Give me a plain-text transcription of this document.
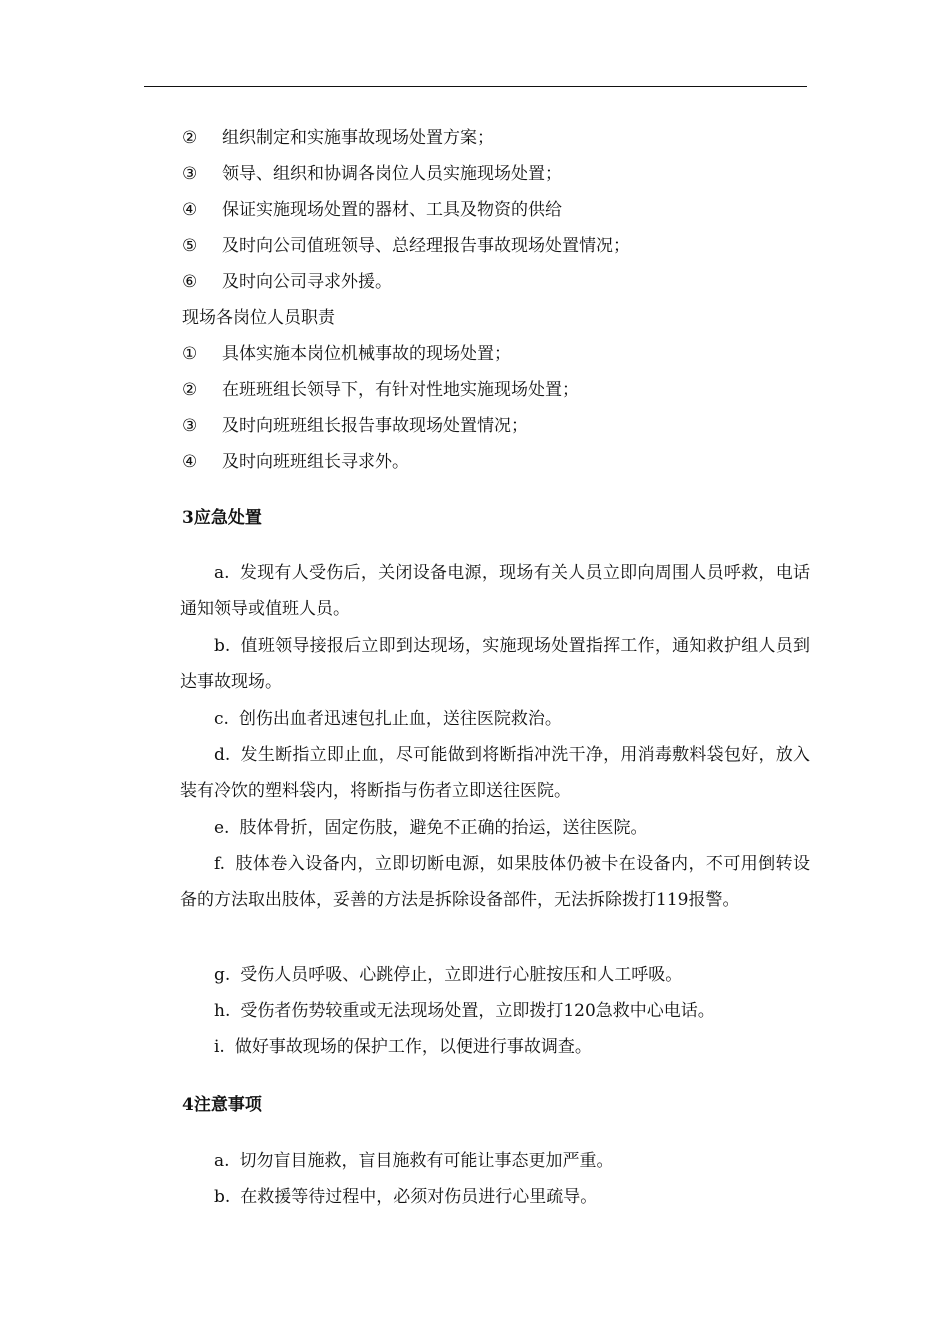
② 组织制定和实施事故现场处置方案；
③ 领导、组织和协调各岗位人员实施现场处置；
④ 保证实施现场处置的器材、工具及物资的供给
⑤ 及时向公司值班领导、总经理报告事故现场处置情况；
⑥ 及时向公司寻求外援。
现场各岗位人员职责
① 具体实施本岗位机械事故的现场处置；
② 在班班组长领导下，有针对性地实施现场处置；
③ 及时向班班组长报告事故现场处置情况；
④ 及时向班班组长寻求外。
3应急处置

a. 发现有人受伤后，关闭设备电源，现场有关人员立即向周围人员呼救，电话通知领导或值班人员。

b. 值班领导接报后立即到达现场，实施现场处置指挥工作，通知救护组人员到达事故现场。

c. 创伤出血者迅速包扎止血，送往医院救治。

d. 发生断指立即止血，尽可能做到将断指冲洗干净，用消毒敷料袋包好，放入装有冷饮的塑料袋内，将断指与伤者立即送往医院。

e. 肢体骨折，固定伤肢，避免不正确的抬运，送往医院。

f. 肢体卷入设备内，立即切断电源，如果肢体仍被卡在设备内，不可用倒转设备的方法取出肢体，妥善的方法是拆除设备部件，无法拆除拨打119报警。

g. 受伤人员呼吸、心跳停止，立即进行心脏按压和人工呼吸。

h. 受伤者伤势较重或无法现场处置，立即拨打120急救中心电话。

i. 做好事故现场的保护工作，以便进行事故调查。

4注意事项

a. 切勿盲目施救，盲目施救有可能让事态更加严重。

b. 在救援等待过程中，必须对伤员进行心里疏导。
